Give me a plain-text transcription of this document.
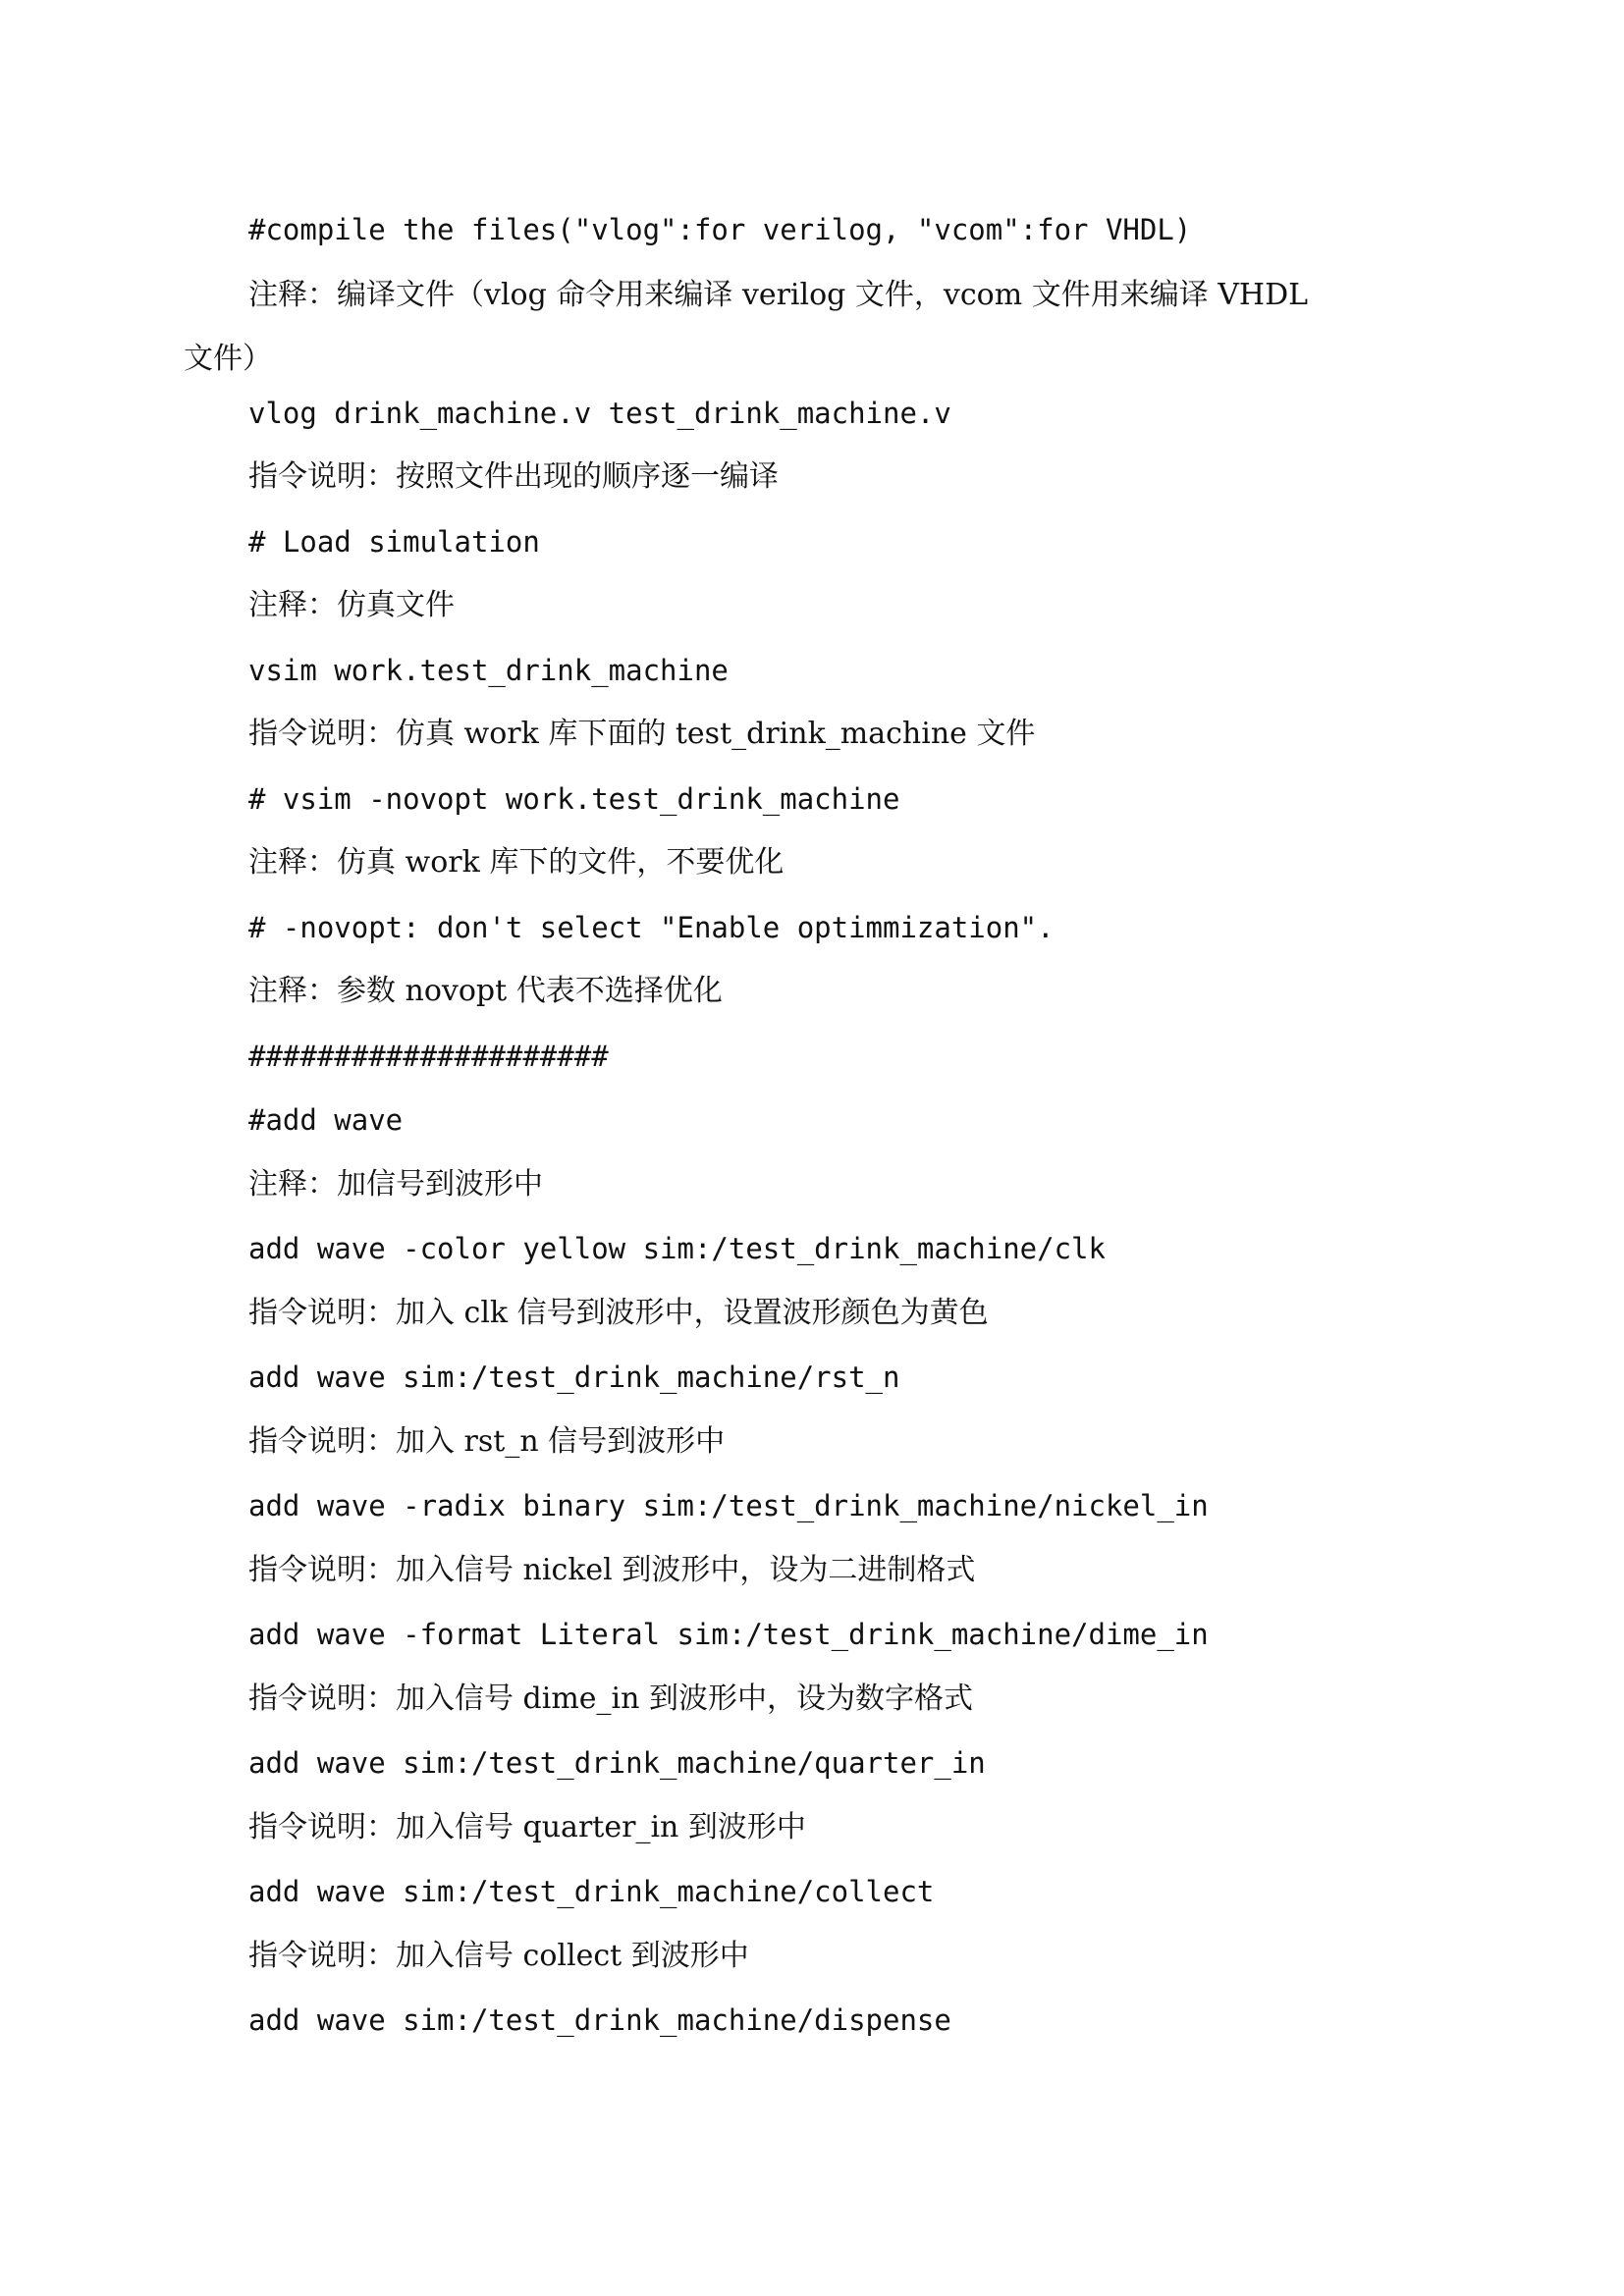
#compile the files("vlog":for verilog, "vcom":for VHDL)
注释：编译文件（vlog 命令用来编译 verilog 文件，vcom 文件用来编译 VHDL 文件）
vlog drink_machine.v test_drink_machine.v
指令说明：按照文件出现的顺序逐一编译
# Load simulation
注释：仿真文件
vsim work.test_drink_machine
指令说明：仿真 work 库下面的 test_drink_machine 文件
# vsim -novopt work.test_drink_machine
注释：仿真 work 库下的文件，不要优化
# -novopt: don't select "Enable optimmization".
注释：参数 novopt 代表不选择优化
#####################
#add wave
注释：加信号到波形中
add wave -color yellow sim:/test_drink_machine/clk
指令说明：加入 clk 信号到波形中，设置波形颜色为黄色
add wave sim:/test_drink_machine/rst_n
指令说明：加入 rst_n 信号到波形中
add wave -radix binary sim:/test_drink_machine/nickel_in
指令说明：加入信号 nickel 到波形中，设为二进制格式
add wave -format Literal sim:/test_drink_machine/dime_in
指令说明：加入信号 dime_in 到波形中，设为数字格式
add wave sim:/test_drink_machine/quarter_in
指令说明：加入信号 quarter_in 到波形中
add wave sim:/test_drink_machine/collect
指令说明：加入信号 collect 到波形中
add wave sim:/test_drink_machine/dispense
